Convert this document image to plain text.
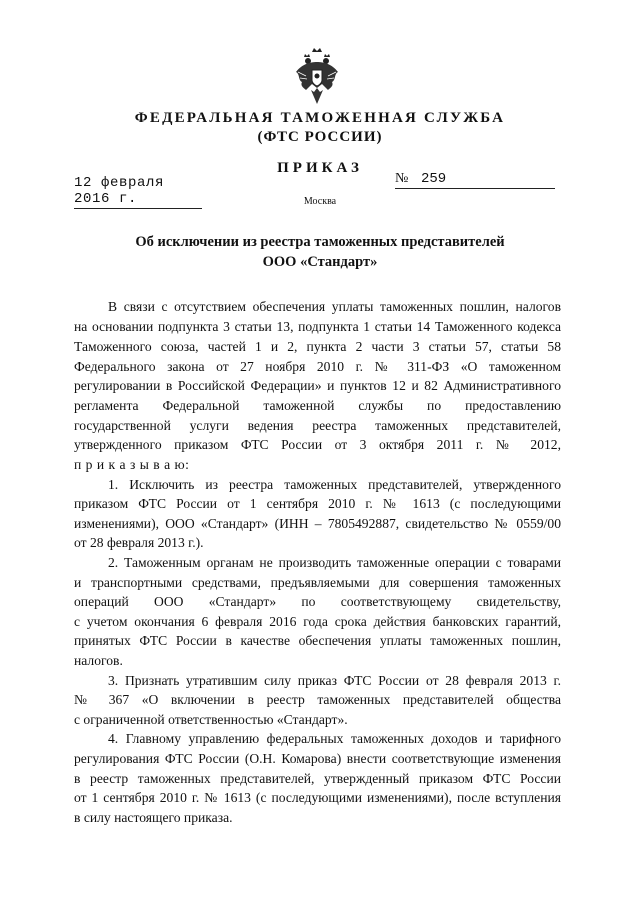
ФЕДЕРАЛЬНАЯ ТАМОЖЕННАЯ СЛУЖБА
(ФТС РОССИИ)
ПРИКАЗ
12 февраля 2016 г.
№ 259
Москва
Об исключении из реестра таможенных представителей
ООО «Стандарт»
В связи с отсутствием обеспечения уплаты таможенных пошлин, налогов
на основании подпункта 3 статьи 13, подпункта 1 статьи 14 Таможенного кодекса
Таможенного союза, частей 1 и 2, пункта 2 части 3 статьи 57, статьи 58
Федерального закона от 27 ноября 2010 г. № 311-ФЗ «О таможенном
регулировании в Российской Федерации» и пунктов 12 и 82 Административного
регламента Федеральной таможенной службы по предоставлению
государственной услуги ведения реестра таможенных представителей,
утвержденного приказом ФТС России от 3 октября 2011 г. № 2012,
п р и к а з ы в а ю:
1. Исключить из реестра таможенных представителей, утвержденного
приказом ФТС России от 1 сентября 2010 г. № 1613 (с последующими
изменениями), ООО «Стандарт» (ИНН – 7805492887, свидетельство № 0559/00
от 28 февраля 2013 г.).
2. Таможенным органам не производить таможенные операции с товарами
и транспортными средствами, предъявляемыми для совершения таможенных
операций ООО «Стандарт» по соответствующему свидетельству,
с учетом окончания 6 февраля 2016 года срока действия банковских гарантий,
принятых ФТС России в качестве обеспечения уплаты таможенных пошлин,
налогов.
3. Признать утратившим силу приказ ФТС России от 28 февраля 2013 г.
№ 367 «О включении в реестр таможенных представителей общества
с ограниченной ответственностью «Стандарт».
4. Главному управлению федеральных таможенных доходов и тарифного
регулирования ФТС России (О.Н. Комарова) внести соответствующие изменения
в реестр таможенных представителей, утвержденный приказом ФТС России
от 1 сентября 2010 г. № 1613 (с последующими изменениями), после вступления
в силу настоящего приказа.
